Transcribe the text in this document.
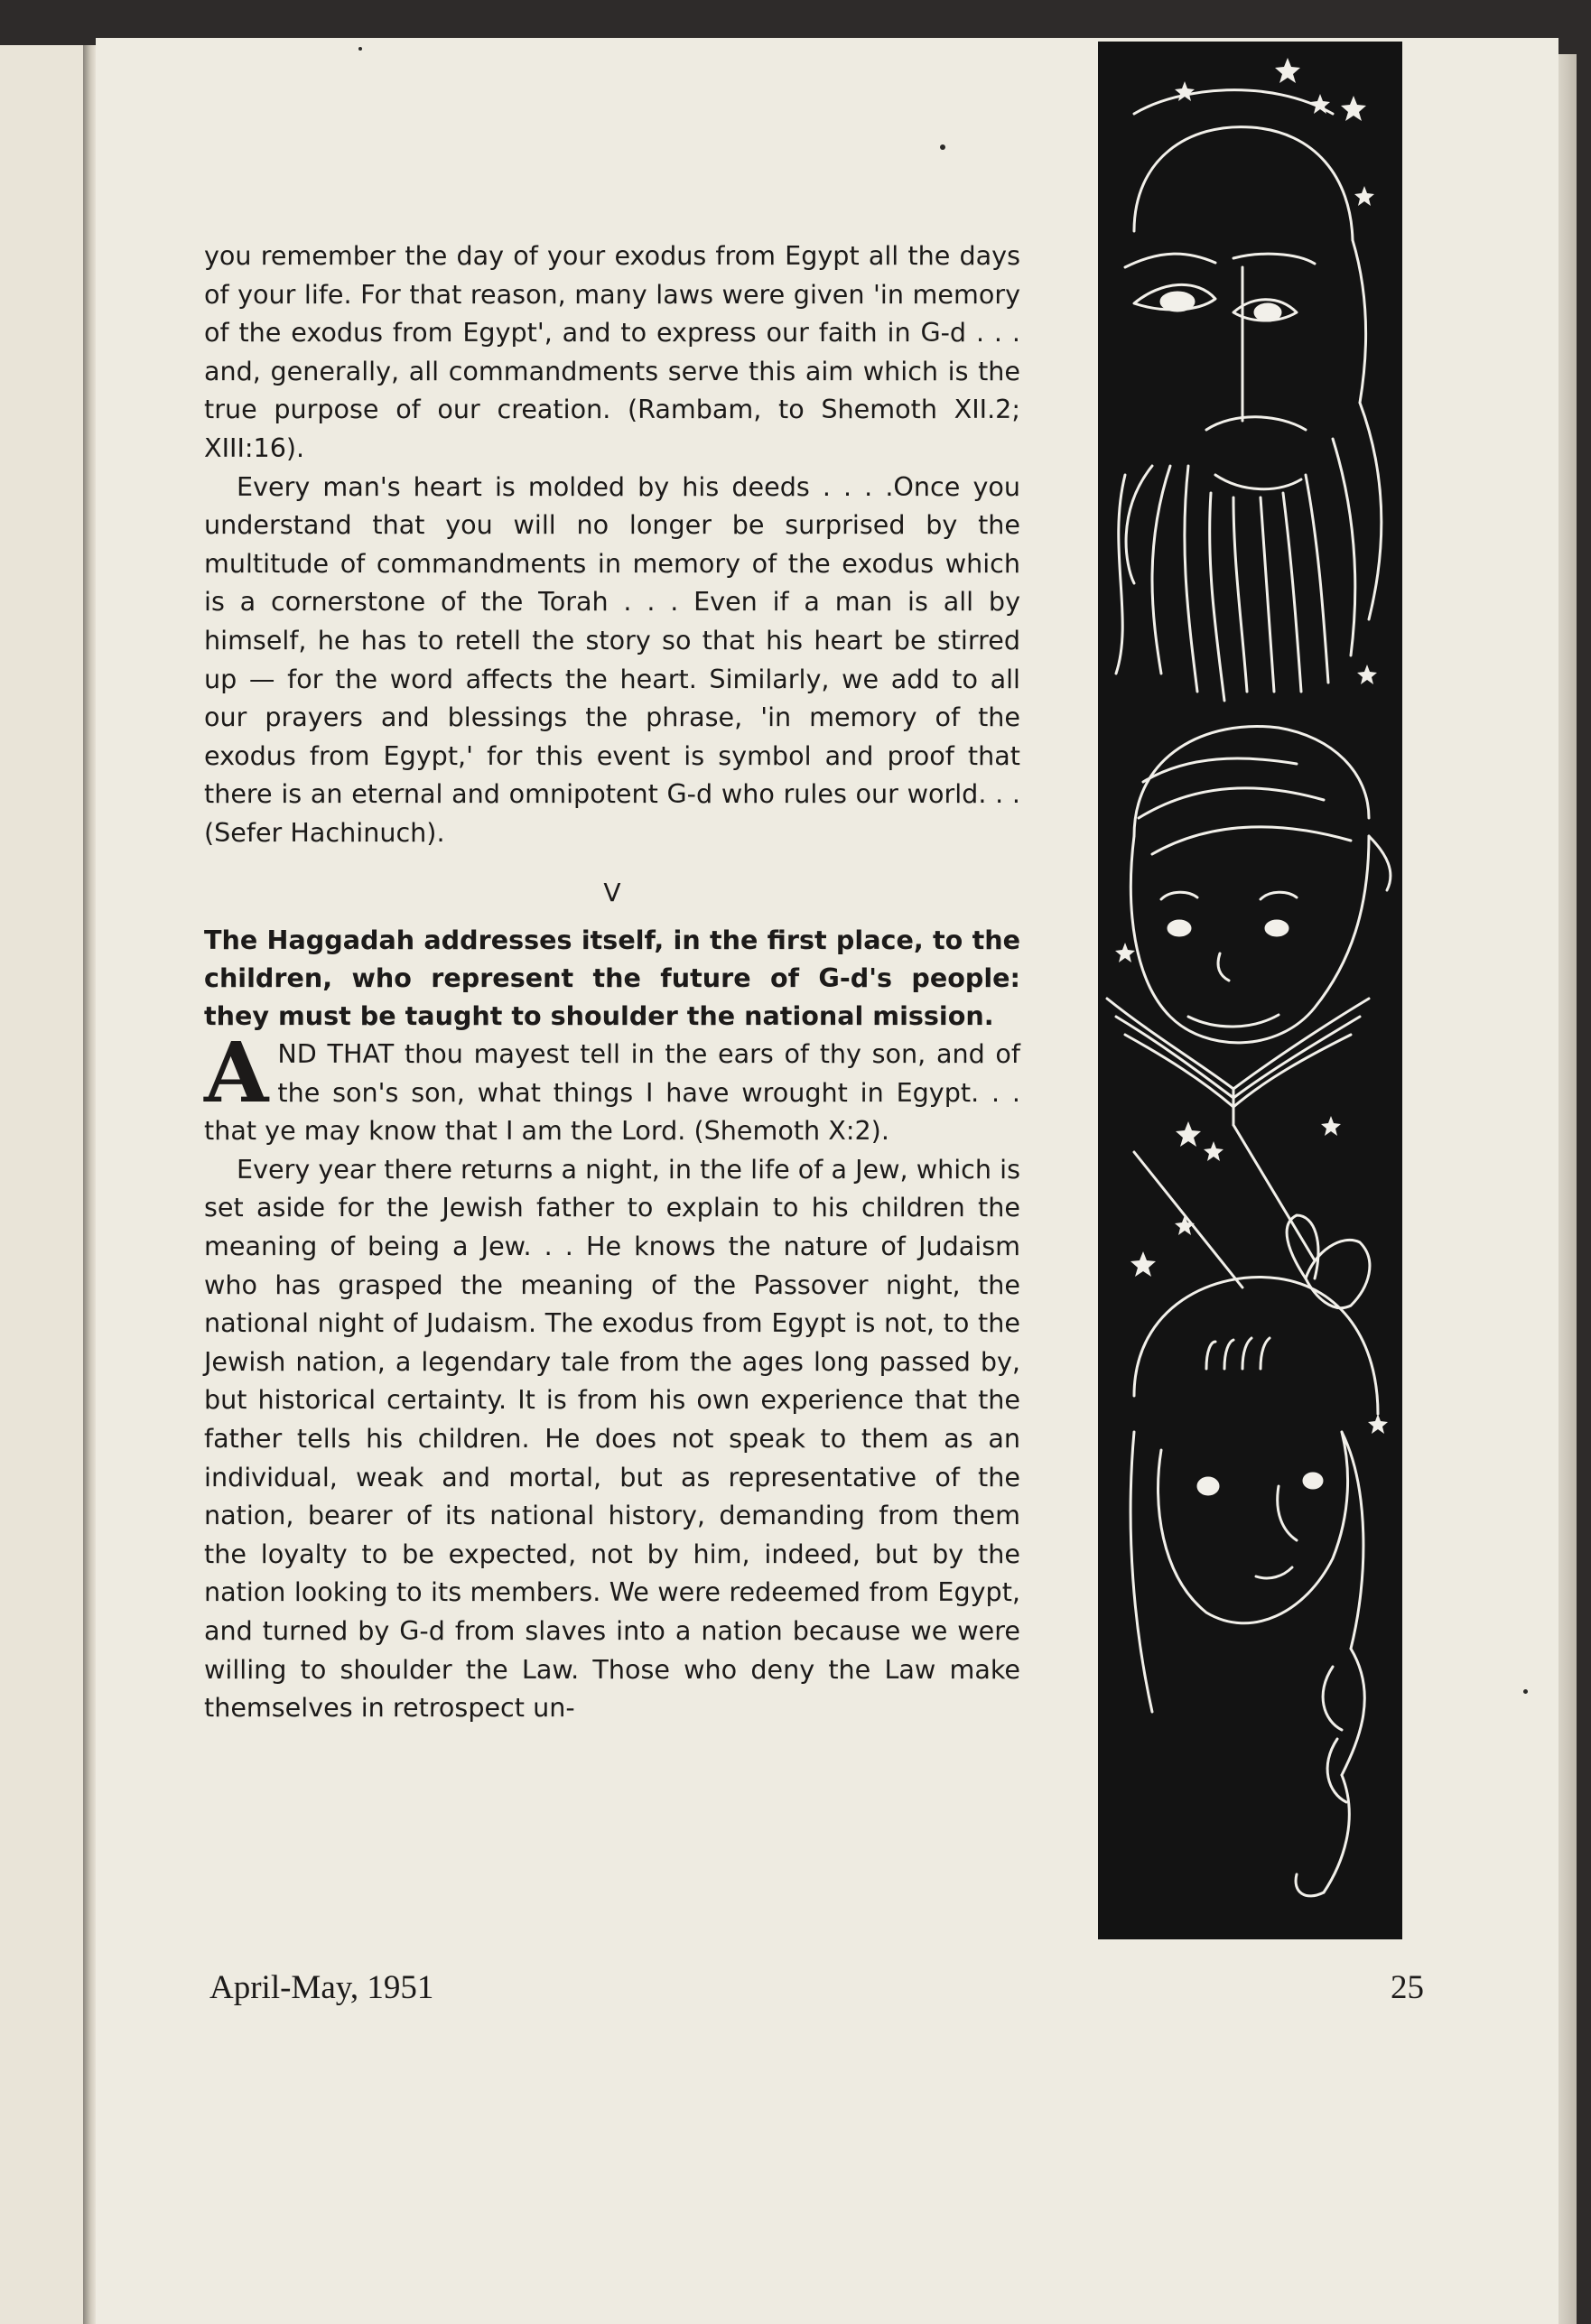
you remember the day of your exodus from Egypt all the days of your life. For that reason, many laws were given 'in memory of the exodus from Egypt', and to express our faith in G-d . . . and, generally, all commandments serve this aim which is the true purpose of our creation. (Rambam, to Shemoth XII.2; XIII:16).

Every man's heart is molded by his deeds . . . .Once you understand that you will no longer be surprised by the multitude of commandments in memory of the exodus which is a cornerstone of the Torah . . . Even if a man is all by himself, he has to retell the story so that his heart be stirred up — for the word affects the heart. Similarly, we add to all our prayers and blessings the phrase, 'in memory of the exodus from Egypt,' for this event is symbol and proof that there is an eternal and omnipotent G-d who rules our world. . . (Sefer Hachinuch).

V

The Haggadah addresses itself, in the first place, to the children, who represent the future of G-d's people: they must be taught to shoulder the national mission.

AND THAT thou mayest tell in the ears of thy son, and of the son's son, what things I have wrought in Egypt. . . that ye may know that I am the Lord. (Shemoth X:2).

Every year there returns a night, in the life of a Jew, which is set aside for the Jewish father to explain to his children the meaning of being a Jew. . . He knows the nature of Judaism who has grasped the meaning of the Passover night, the national night of Judaism. The exodus from Egypt is not, to the Jewish nation, a legendary tale from the ages long passed by, but historical certainty. It is from his own experience that the father tells his children. He does not speak to them as an individual, weak and mortal, but as representative of the nation, bearer of its national history, demanding from them the loyalty to be expected, not by him, indeed, but by the nation looking to its members. We were redeemed from Egypt, and turned by G-d from slaves into a nation because we were willing to shoulder the Law. Those who deny the Law make themselves in retrospect un-

April-May, 1951	25
